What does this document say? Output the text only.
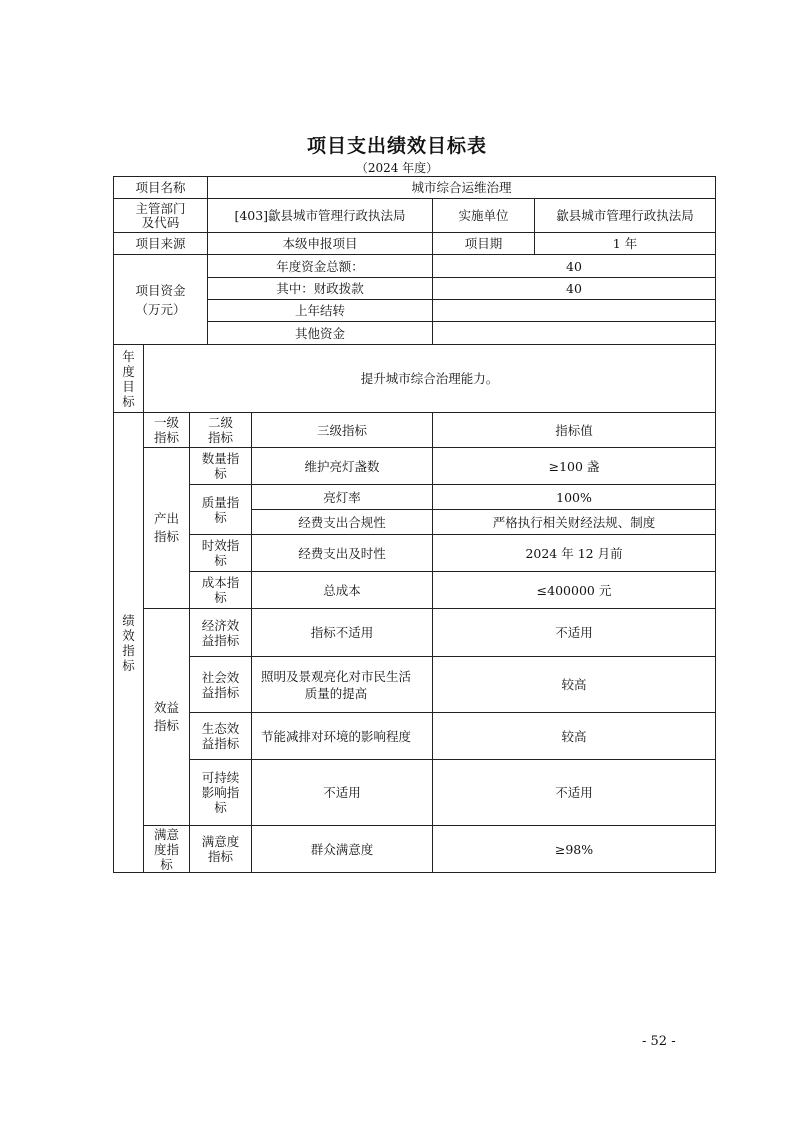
项目支出绩效目标表
（2024 年度）
项目名称			城市综合运维治理			

主管部门及代码			[403]歙县城市管理行政执法局		实施单位	歙县城市管理行政执法局
项目来源			本级申报项目		项目期	1 年

项目资金（万元）			年度资金总额：		40	
			其中：财政拨款		40	
			上年结转			
			其他资金			

年度目标	提升城市综合治理能力。					

绩效指标	一级指标	二级指标		三级指标	指标值	

	产出指标	数量指标		维护亮灯盏数	≥100 盏	

		质量指标		亮灯率	100%	
				经费支出合规性	严格执行相关财经法规、制度	

		时效指标		经费支出及时性	2024 年 12 月前	

		成本指标		总成本	≤400000 元	

	效益指标	经济效益指标		指标不适用	不适用	

		社会效益指标		照明及景观亮化对市民生活质量的提高	较高	

		生态效益指标		节能减排对环境的影响程度	较高	

		可持续影响指标		不适用	不适用	

	满意度指标	满意度指标		群众满意度	≥98%	
- 52 -
